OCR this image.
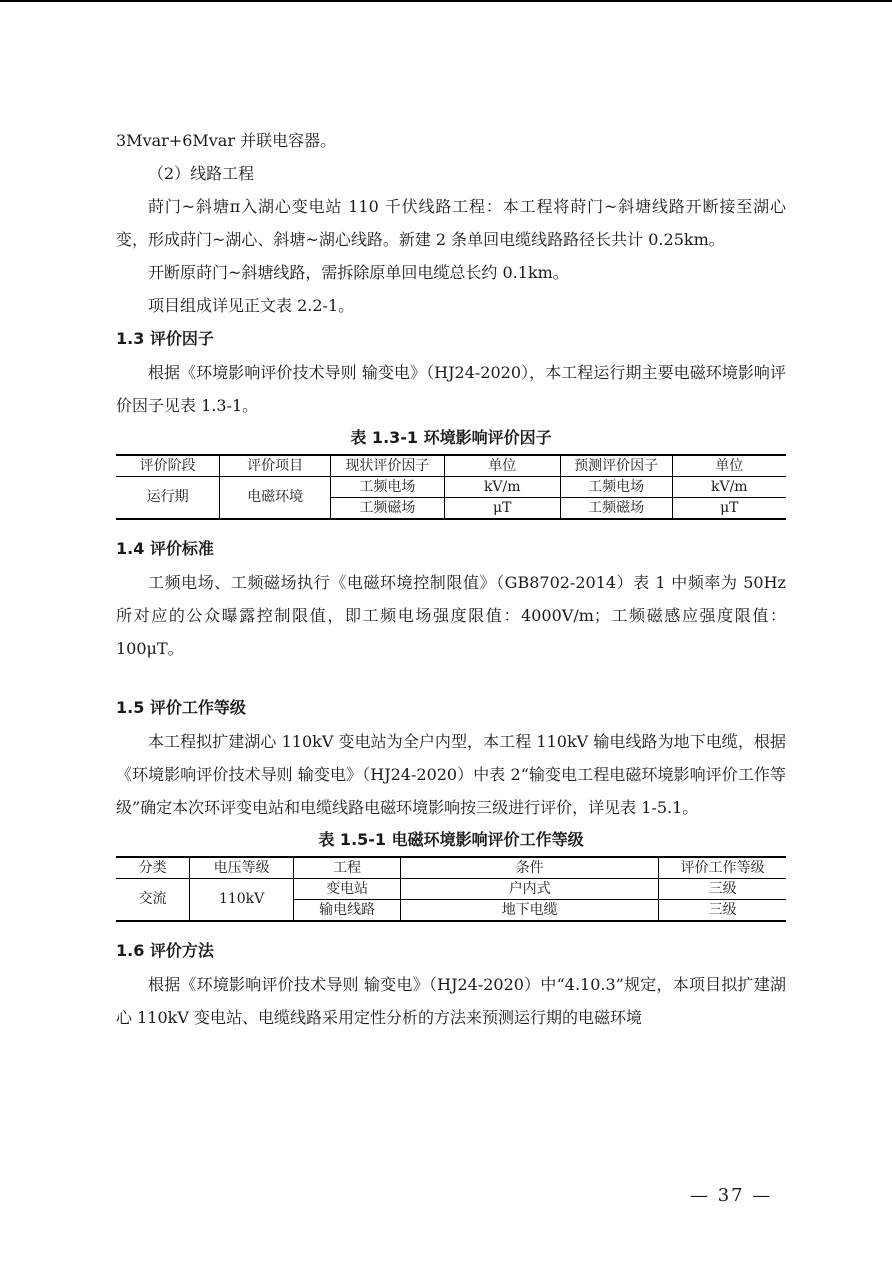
3Mvar+6Mvar 并联电容器。

（2）线路工程

莳门~斜塘π入湖心变电站 110 千伏线路工程：本工程将莳门~斜塘线路开断接至湖心变，形成莳门~湖心、斜塘~湖心线路。新建 2 条单回电缆线路路径长共计 0.25km。

开断原莳门~斜塘线路，需拆除原单回电缆总长约 0.1km。

项目组成详见正文表 2.2-1。

1.3 评价因子

根据《环境影响评价技术导则 输变电》（HJ24-2020），本工程运行期主要电磁环境影响评价因子见表 1.3-1。

表 1.3-1 环境影响评价因子
评价阶段	评价项目	现状评价因子	单位	预测评价因子	单位
运行期	电磁环境	工频电场	kV/m	工频电场	kV/m
		工频磁场	μT	工频磁场	μT
1.4 评价标准

工频电场、工频磁场执行《电磁环境控制限值》（GB8702-2014）表 1 中频率为 50Hz 所对应的公众曝露控制限值，即工频电场强度限值：4000V/m；工频磁感应强度限值：100μT。

1.5 评价工作等级

本工程拟扩建湖心 110kV 变电站为全户内型，本工程 110kV 输电线路为地下电缆，根据《环境影响评价技术导则 输变电》（HJ24-2020）中表 2“输变电工程电磁环境影响评价工作等级”确定本次环评变电站和电缆线路电磁环境影响按三级进行评价，详见表 1-5.1。

表 1.5-1 电磁环境影响评价工作等级
分类	电压等级	工程	条件	评价工作等级
交流	110kV	变电站	户内式	三级
		输电线路	地下电缆	三级
1.6 评价方法

根据《环境影响评价技术导则 输变电》（HJ24-2020）中“4.10.3”规定，本项目拟扩建湖心 110kV 变电站、电缆线路采用定性分析的方法来预测运行期的电磁环境

— 37 —
